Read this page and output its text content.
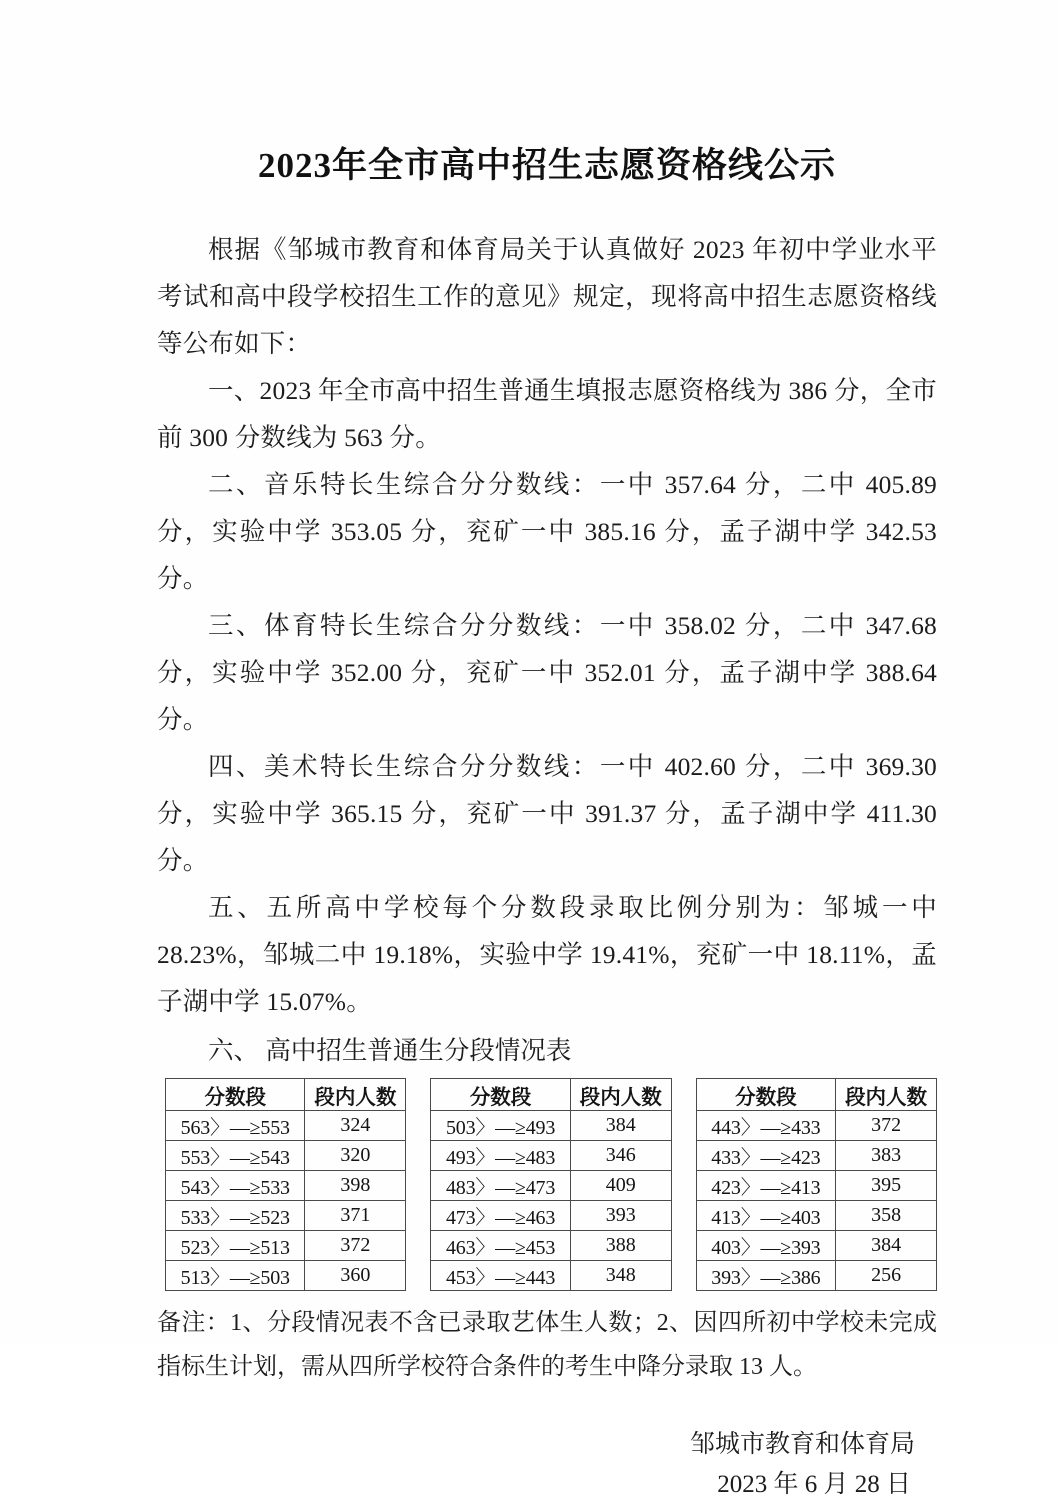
2023年全市高中招生志愿资格线公示

根据《邹城市教育和体育局关于认真做好 2023 年初中学业水平考试和高中段学校招生工作的意见》规定，现将高中招生志愿资格线等公布如下：

一、2023 年全市高中招生普通生填报志愿资格线为 386 分，全市前 300 分数线为 563 分。

二、音乐特长生综合分分数线：一中 357.64 分，二中 405.89 分，实验中学 353.05 分，兖矿一中 385.16 分，孟子湖中学 342.53 分。

三、体育特长生综合分分数线：一中 358.02 分，二中 347.68 分，实验中学 352.00 分，兖矿一中 352.01 分，孟子湖中学 388.64 分。

四、美术特长生综合分分数线：一中 402.60 分，二中 369.30 分，实验中学 365.15 分，兖矿一中 391.37 分，孟子湖中学 411.30 分。

五、五所高中学校每个分数段录取比例分别为：邹城一中 28.23%，邹城二中 19.18%，实验中学 19.41%，兖矿一中 18.11%，孟子湖中学 15.07%。

六、 高中招生普通生分段情况表

分数段	段内人数
563〉—≥553	324
553〉—≥543	320
543〉—≥533	398
533〉—≥523	371
523〉—≥513	372
513〉—≥503	360
分数段	段内人数
503〉—≥493	384
493〉—≥483	346
483〉—≥473	409
473〉—≥463	393
463〉—≥453	388
453〉—≥443	348
分数段	段内人数
443〉—≥433	372
433〉—≥423	383
423〉—≥413	395
413〉—≥403	358
403〉—≥393	384
393〉—≥386	256

备注：1、分段情况表不含已录取艺体生人数；2、因四所初中学校未完成指标生计划，需从四所学校符合条件的考生中降分录取 13 人。

邹城市教育和体育局
2023 年 6 月 28 日
